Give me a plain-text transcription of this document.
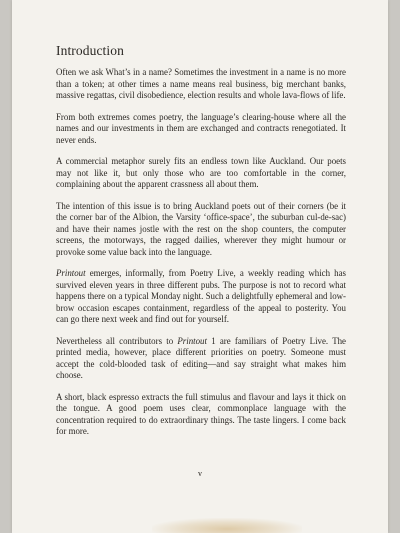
Introduction

Often we ask What’s in a name? Sometimes the investment in a name is no more than a token; at other times a name means real business, big merchant banks, massive regattas, civil disobedience, election results and whole lava-flows of life.

From both extremes comes poetry, the language’s clearing-house where all the names and our investments in them are exchanged and contracts renegotiated. It never ends.

A commercial metaphor surely fits an endless town like Auckland. Our poets may not like it, but only those who are too comfortable in the corner, complaining about the apparent crassness all about them.

The intention of this issue is to bring Auckland poets out of their corners (be it the corner bar of the Albion, the Varsity ‘office-space’, the suburban cul-de-sac) and have their names jostle with the rest on the shop counters, the computer screens, the motorways, the ragged dailies, wherever they might humour or provoke some value back into the language.

Printout emerges, informally, from Poetry Live, a weekly reading which has survived eleven years in three different pubs. The purpose is not to record what happens there on a typical Monday night. Such a delightfully ephemeral and low-brow occasion escapes containment, regardless of the appeal to posterity. You can go there next week and find out for yourself.

Nevertheless all contributors to Printout 1 are familiars of Poetry Live. The printed media, however, place different priorities on poetry. Someone must accept the cold-blooded task of editing—and say straight what makes him choose.

A short, black espresso extracts the full stimulus and flavour and lays it thick on the tongue. A good poem uses clear, commonplace language with the concentration required to do extraordinary things. The taste lingers. I come back for more.

v
